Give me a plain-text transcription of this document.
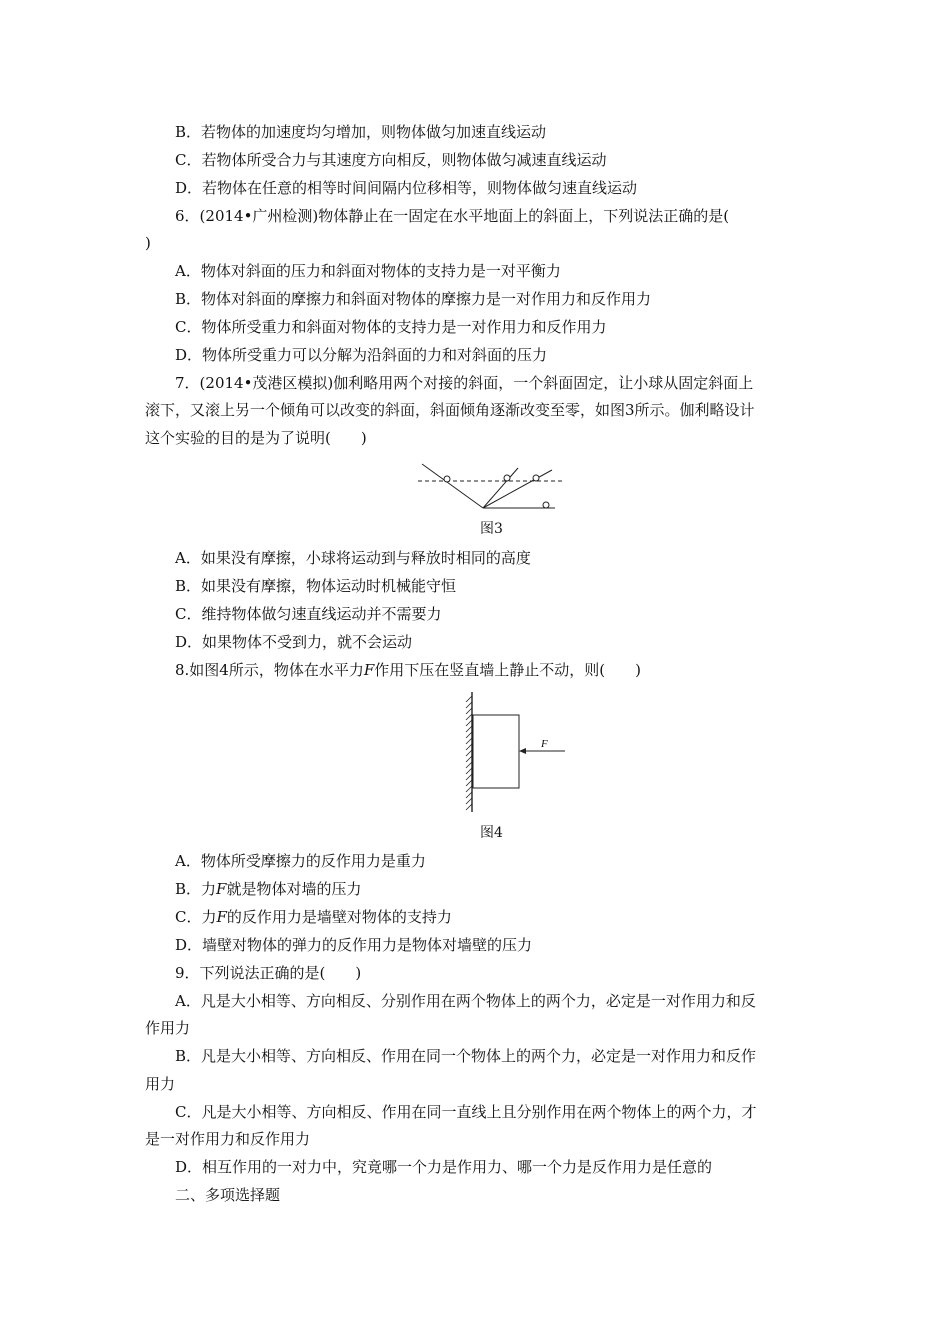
B．若物体的加速度均匀增加，则物体做匀加速直线运动
C．若物体所受合力与其速度方向相反，则物体做匀减速直线运动
D．若物体在任意的相等时间间隔内位移相等，则物体做匀速直线运动
6．(2014•广州检测)物体静止在一固定在水平地面上的斜面上，下列说法正确的是(
)
A．物体对斜面的压力和斜面对物体的支持力是一对平衡力
B．物体对斜面的摩擦力和斜面对物体的摩擦力是一对作用力和反作用力
C．物体所受重力和斜面对物体的支持力是一对作用力和反作用力
D．物体所受重力可以分解为沿斜面的力和对斜面的压力
7．(2014•茂港区模拟)伽利略用两个对接的斜面，一个斜面固定，让小球从固定斜面上
滚下，又滚上另一个倾角可以改变的斜面，斜面倾角逐渐改变至零，如图3所示。伽利略设计
这个实验的目的是为了说明(　　)
图3
A．如果没有摩擦，小球将运动到与释放时相同的高度
B．如果没有摩擦，物体运动时机械能守恒
C．维持物体做匀速直线运动并不需要力
D．如果物体不受到力，就不会运动
8.如图4所示，物体在水平力F作用下压在竖直墙上静止不动，则(　　)
F
图4
A．物体所受摩擦力的反作用力是重力
B．力F就是物体对墙的压力
C．力F的反作用力是墙壁对物体的支持力
D．墙壁对物体的弹力的反作用力是物体对墙壁的压力
9．下列说法正确的是(　　)
A．凡是大小相等、方向相反、分别作用在两个物体上的两个力，必定是一对作用力和反
作用力
B．凡是大小相等、方向相反、作用在同一个物体上的两个力，必定是一对作用力和反作
用力
C．凡是大小相等、方向相反、作用在同一直线上且分别作用在两个物体上的两个力，才
是一对作用力和反作用力
D．相互作用的一对力中，究竟哪一个力是作用力、哪一个力是反作用力是任意的
二、多项选择题
